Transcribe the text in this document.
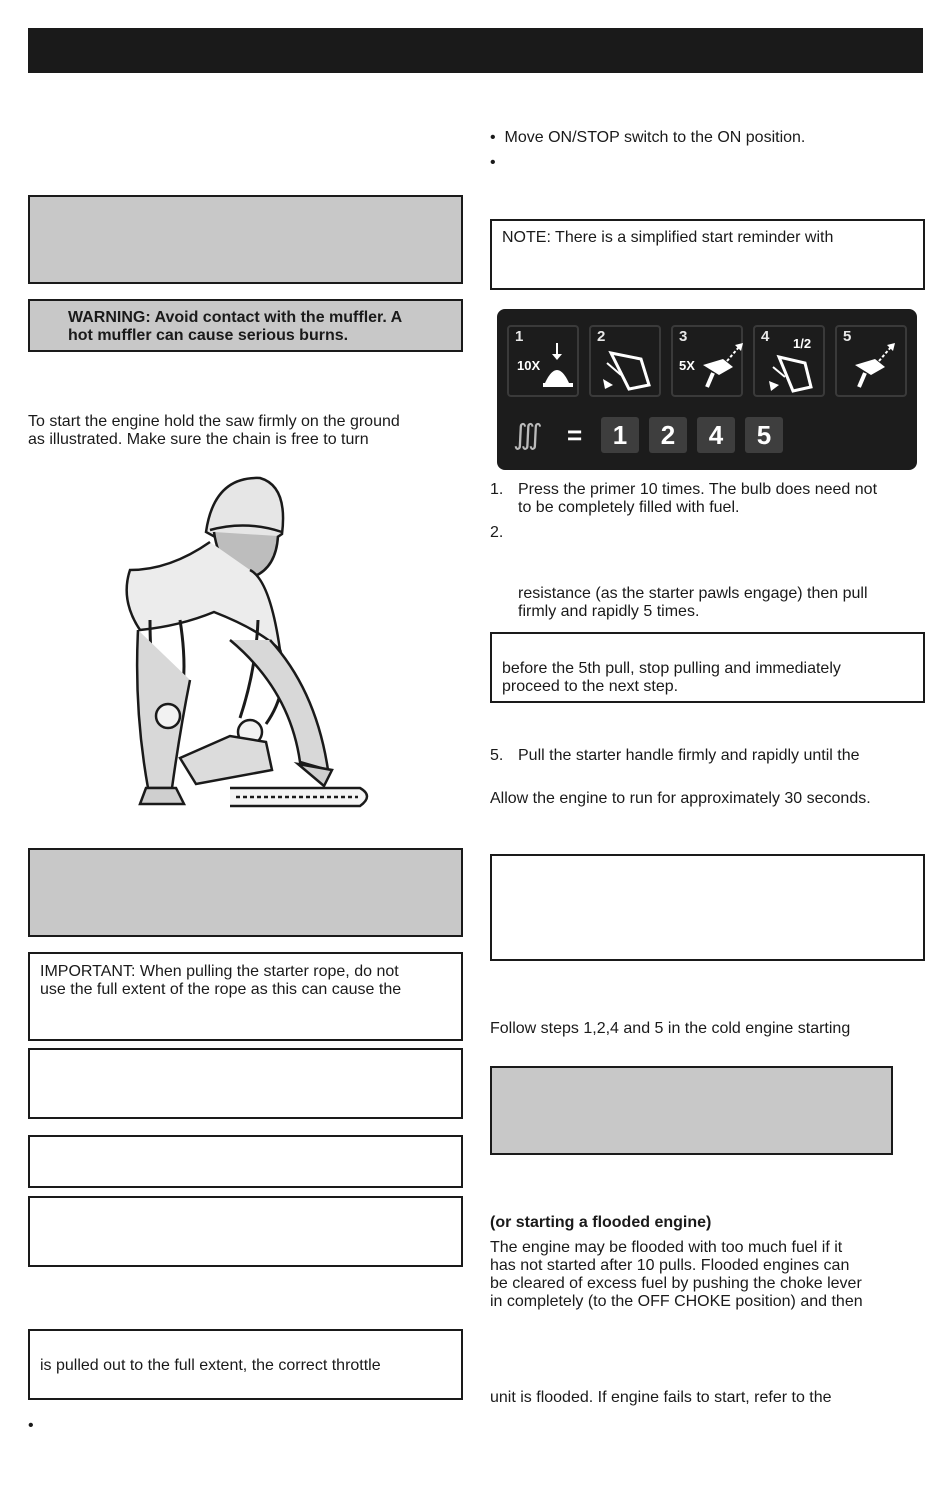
• Move ON/STOP switch to the ON position.
•
NOTE: There is a simplified start reminder with
1
10X
2	3
5X
4 1/2 5
∭ =	1	2	4	5
1. Press the primer 10 times. The bulb does need not
to be completely filled with fuel.
2.
resistance (as the starter pawls engage) then pull
firmly and rapidly 5 times.
before the 5th pull, stop pulling and immediately
proceed to the next step.
5. Pull the starter handle firmly and rapidly until the
Allow the engine to run for approximately 30 seconds.
Follow steps 1,2,4 and 5 in the cold engine starting
(or starting a flooded engine)
The engine may be flooded with too much fuel if it
has not started after 10 pulls. Flooded engines can
be cleared of excess fuel by pushing the choke lever
in completely (to the OFF CHOKE position) and then
unit is flooded. If engine fails to start, refer to the
WARNING: Avoid contact with the muffler. A
hot muffler can cause serious burns.
To start the engine hold the saw firmly on the ground
as illustrated. Make sure the chain is free to turn
IMPORTANT: When pulling the starter rope, do not
use the full extent of the rope as this can cause the
is pulled out to the full extent, the correct throttle
•
